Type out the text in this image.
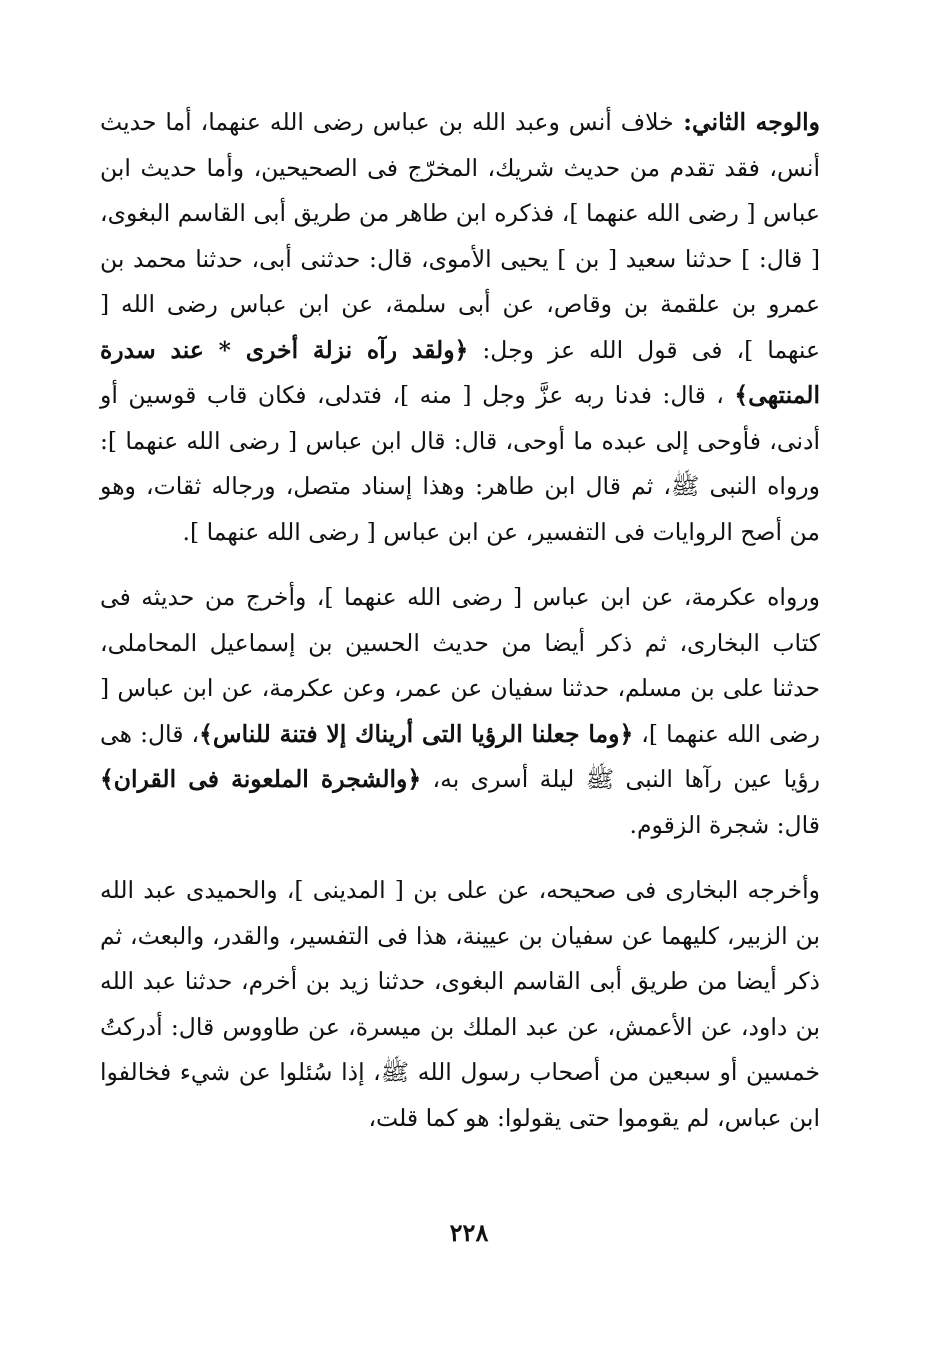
والوجه الثاني: خلاف أنس وعبد الله بن عباس رضى الله عنهما، أما حديث أنس، فقد تقدم من حديث شريك، المخرّج فى الصحيحين، وأما حديث ابن عباس [ رضى الله عنهما ]، فذكره ابن طاهر من طريق أبى القاسم البغوى، [ قال: ] حدثنا سعيد [ بن ] يحيى الأموى، قال: حدثنى أبى، حدثنا محمد بن عمرو بن علقمة بن وقاص، عن أبى سلمة، عن ابن عباس رضى الله [ عنهما ]، فى قول الله عز وجل: ﴿ولقد رآه نزلة أخرى * عند سدرة المنتهى﴾ ، قال: فدنا ربه عزَّ وجل [ منه ]، فتدلى، فكان قاب قوسين أو أدنى، فأوحى إلى عبده ما أوحى، قال: قال ابن عباس [ رضى الله عنهما ]: ورواه النبى ﷺ، ثم قال ابن طاهر: وهذا إسناد متصل، ورجاله ثقات، وهو من أصح الروايات فى التفسير، عن ابن عباس [ رضى الله عنهما ].

ورواه عكرمة، عن ابن عباس [ رضى الله عنهما ]، وأخرج من حديثه فى كتاب البخارى، ثم ذكر أيضا من حديث الحسين بن إسماعيل المحاملى، حدثنا على بن مسلم، حدثنا سفيان عن عمر، وعن عكرمة، عن ابن عباس [ رضى الله عنهما ]، ﴿وما جعلنا الرؤيا التى أريناك إلا فتنة للناس﴾، قال: هى رؤيا عين رآها النبى ﷺ ليلة أسرى به، ﴿والشجرة الملعونة فى القران﴾ قال: شجرة الزقوم.

وأخرجه البخارى فى صحيحه، عن على بن [ المدينى ]، والحميدى عبد الله بن الزبير، كليهما عن سفيان بن عيينة، هذا فى التفسير، والقدر، والبعث، ثم ذكر أيضا من طريق أبى القاسم البغوى، حدثنا زيد بن أخرم، حدثنا عبد الله بن داود، عن الأعمش، عن عبد الملك بن ميسرة، عن طاووس قال: أدركتُ خمسين أو سبعين من أصحاب رسول الله ﷺ، إذا سُئلوا عن شيء فخالفوا ابن عباس، لم يقوموا حتى يقولوا: هو كما قلت،

٢٢٨
